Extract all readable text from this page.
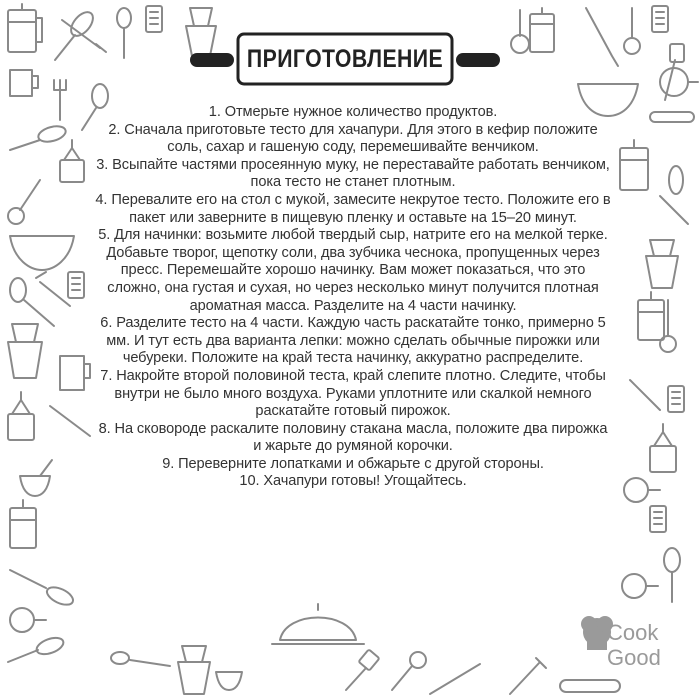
ПРИГОТОВЛЕНИЕ

1. Отмерьте нужное количество продуктов.

2. Сначала приготовьте тесто для хачапури. Для этого в кефир положите соль, сахар и гашеную соду, перемешивайте венчиком.

3. Всыпайте частями просеянную муку, не переставайте работать венчиком, пока тесто не станет плотным.

4. Перевалите его на стол с мукой, замесите некрутое тесто. Положите его в пакет или заверните в пищевую пленку и оставьте на 15–20 минут.

5. Для начинки: возьмите любой твердый сыр, натрите его на мелкой терке. Добавьте творог, щепотку соли, два зубчика чеснока, пропущенных через пресс. Перемешайте хорошо начинку. Вам может показаться, что это сложно, она густая и сухая, но через несколько минут получится плотная ароматная масса. Разделите на 4 части начинку.

6. Разделите тесто на 4 части. Каждую часть раскатайте тонко, примерно 5 мм. И тут есть два варианта лепки: можно сделать обычные пирожки или чебуреки. Положите на край теста начинку, аккуратно распределите.

7. Накройте второй половиной теста, край слепите плотно. Следите, чтобы внутри не было много воздуха. Руками уплотните или скалкой немного раскатайте готовый пирожок.

8. На сковороде раскалите половину стакана масла, положите два пирожка и жарьте до румяной корочки.

9. Переверните лопатками и обжарьте с другой стороны.

10. Хачапури готовы! Угощайтесь.

Cook
Good
